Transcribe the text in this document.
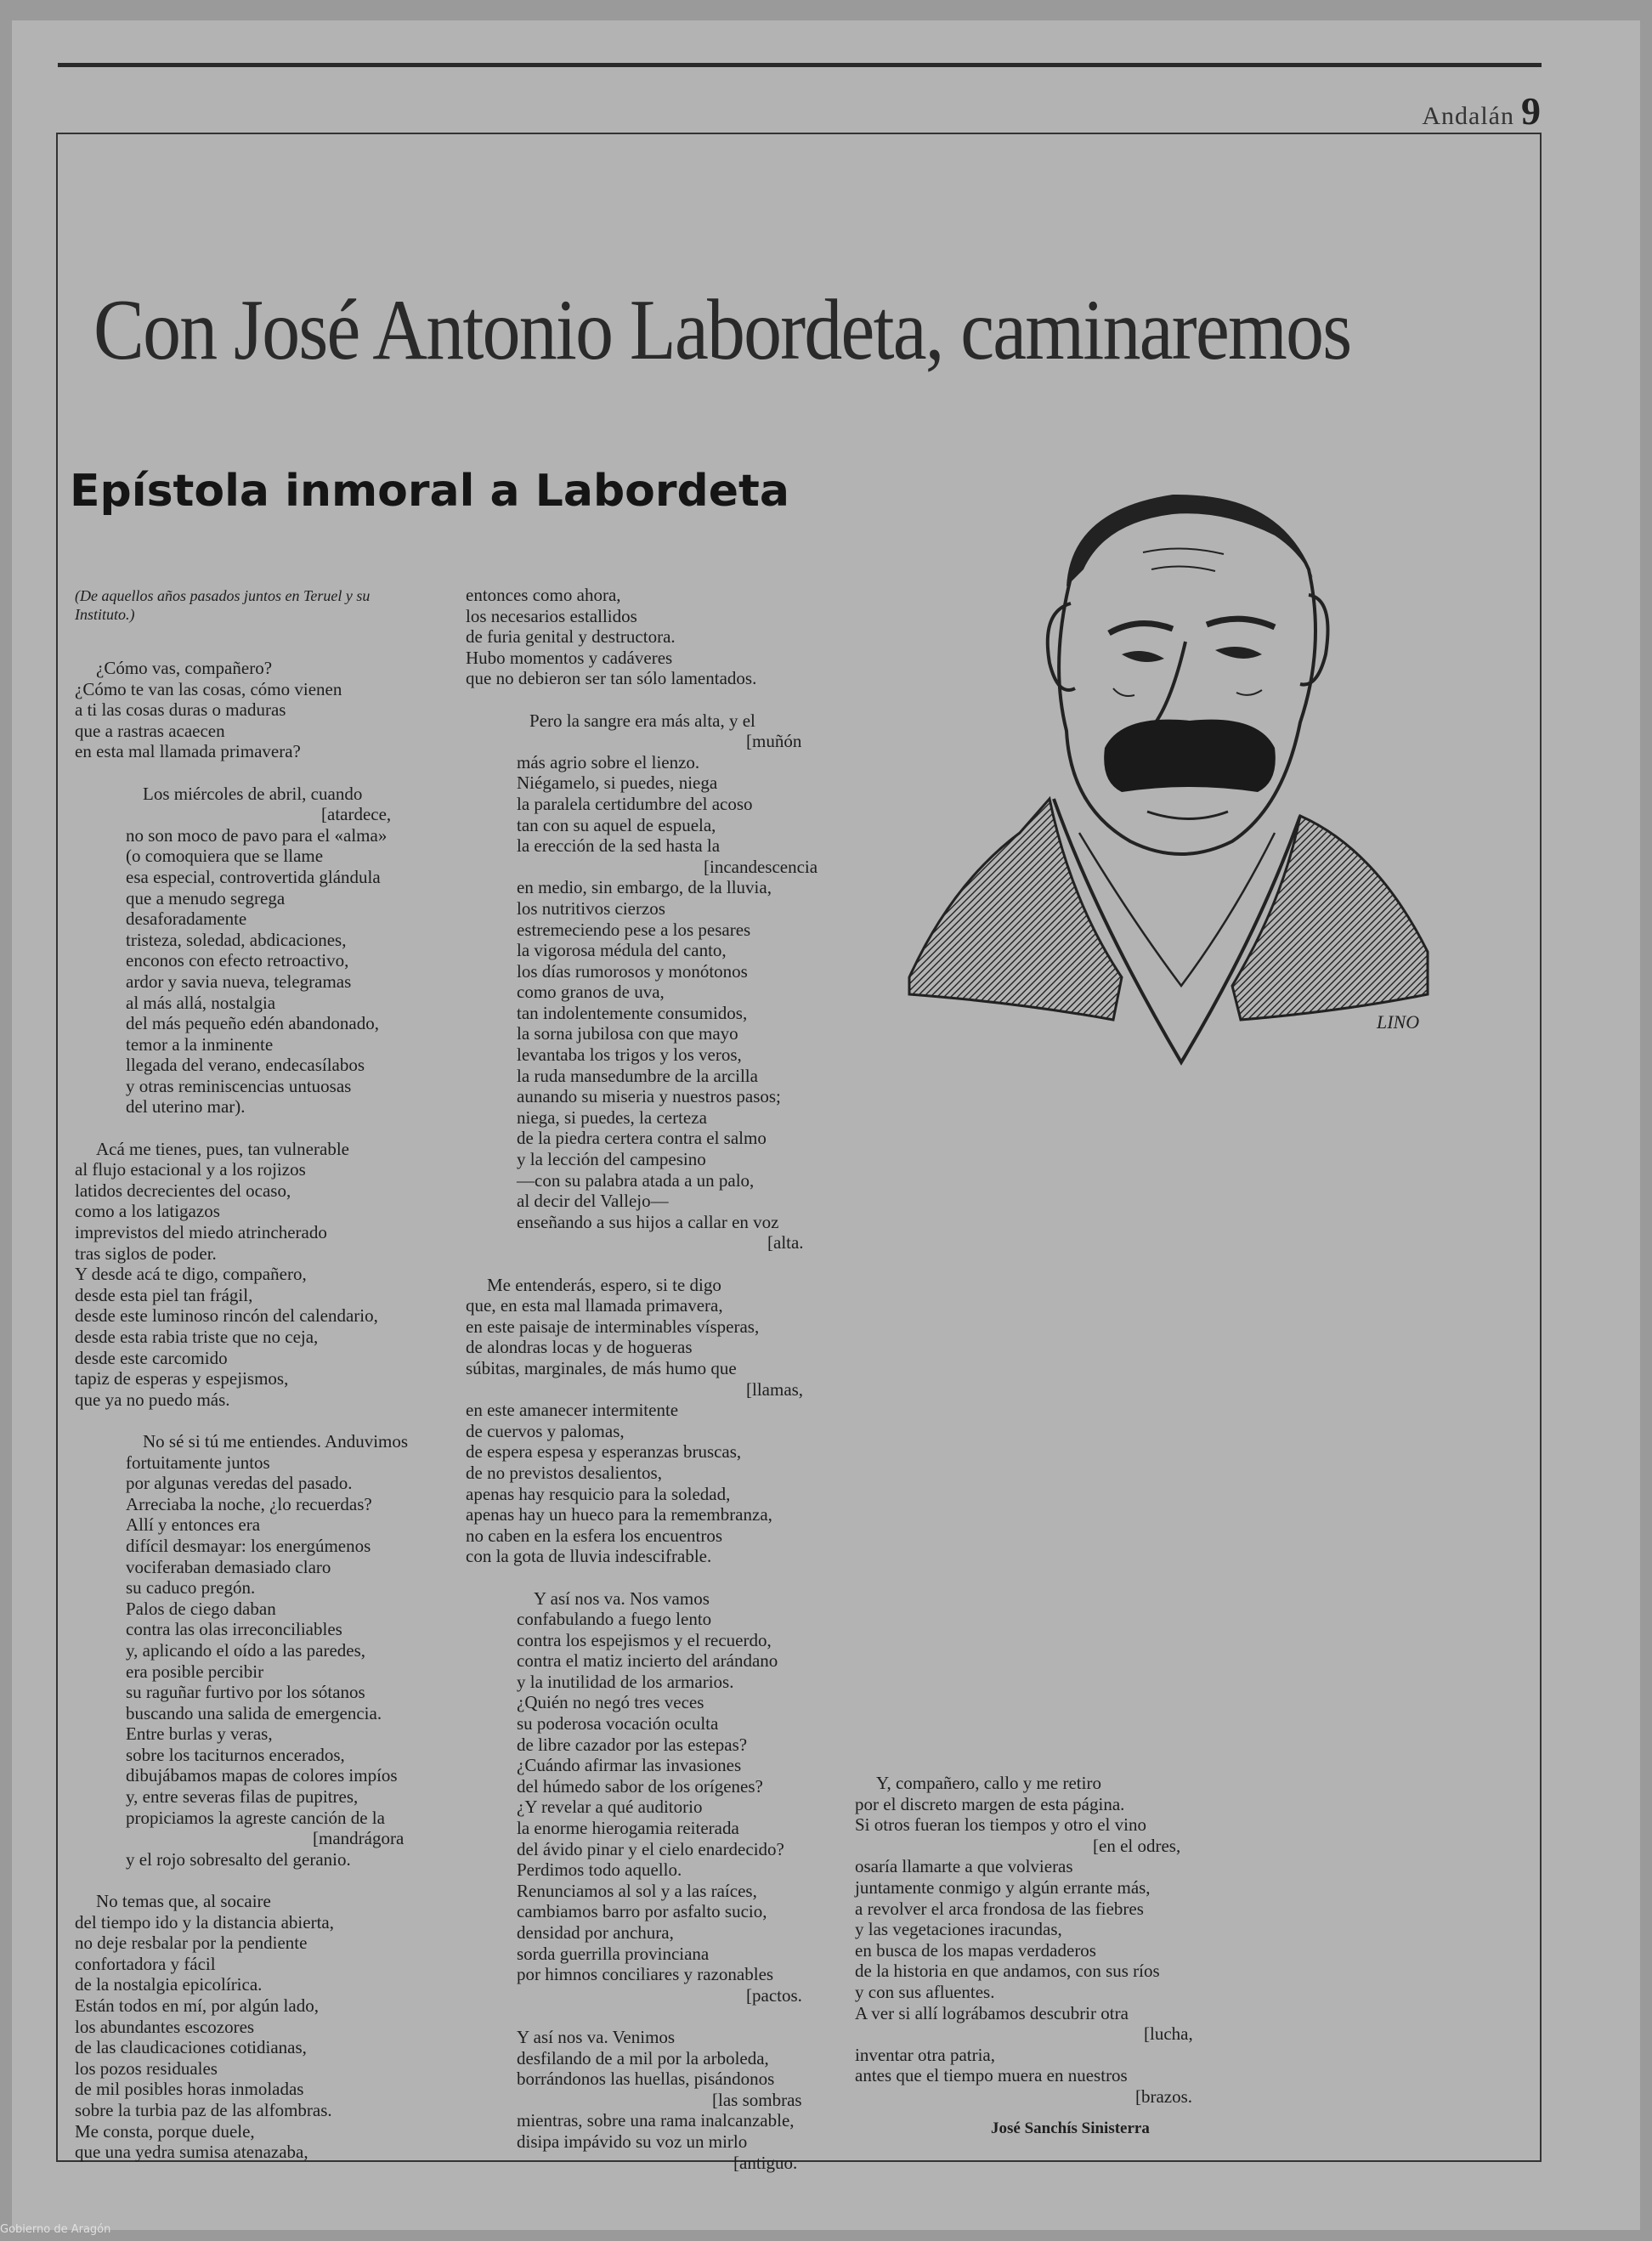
Andalán 9
Con José Antonio Labordeta, caminaremos
Epístola inmoral a Labordeta
(De aquellos años pasados juntos en Teruel y su Instituto.)
¿Cómo vas, compañero?
¿Cómo te van las cosas, cómo vienen
a ti las cosas duras o maduras
que a rastras acaecen
en esta mal llamada primavera?

Los miércoles de abril, cuando
[atardece,
no son moco de pavo para el «alma»
(o comoquiera que se llame
esa especial, controvertida glándula
que a menudo segrega
desaforadamente
tristeza, soledad, abdicaciones,
enconos con efecto retroactivo,
ardor y savia nueva, telegramas
al más allá, nostalgia
del más pequeño edén abandonado,
temor a la inminente
llegada del verano, endecasílabos
y otras reminiscencias untuosas
del uterino mar).

Acá me tienes, pues, tan vulnerable
al flujo estacional y a los rojizos
latidos decrecientes del ocaso,
como a los latigazos
imprevistos del miedo atrincherado
tras siglos de poder.
Y desde acá te digo, compañero,
desde esta piel tan frágil,
desde este luminoso rincón del calendario,
desde esta rabia triste que no ceja,
desde este carcomido
tapiz de esperas y espejismos,
que ya no puedo más.

No sé si tú me entiendes. Anduvimos
fortuitamente juntos
por algunas veredas del pasado.
Arreciaba la noche, ¿lo recuerdas?
Allí y entonces era
difícil desmayar: los energúmenos
vociferaban demasiado claro
su caduco pregón.
Palos de ciego daban
contra las olas irreconciliables
y, aplicando el oído a las paredes,
era posible percibir
su raguñar furtivo por los sótanos
buscando una salida de emergencia.
Entre burlas y veras,
sobre los taciturnos encerados,
dibujábamos mapas de colores impíos
y, entre severas filas de pupitres,
propiciamos la agreste canción de la
[mandrágora
y el rojo sobresalto del geranio.

No temas que, al socaire
del tiempo ido y la distancia abierta,
no deje resbalar por la pendiente
confortadora y fácil
de la nostalgia epicolírica.
Están todos en mí, por algún lado,
los abundantes escozores
de las claudicaciones cotidianas,
los pozos residuales
de mil posibles horas inmoladas
sobre la turbia paz de las alfombras.
Me consta, porque duele,
que una yedra sumisa atenazaba,
entonces como ahora,
los necesarios estallidos
de furia genital y destructora.
Hubo momentos y cadáveres
que no debieron ser tan sólo lamentados.

Pero la sangre era más alta, y el
[muñón
más agrio sobre el lienzo.
Niégamelo, si puedes, niega
la paralela certidumbre del acoso
tan con su aquel de espuela,
la erección de la sed hasta la
[incandescencia
en medio, sin embargo, de la lluvia,
los nutritivos cierzos
estremeciendo pese a los pesares
la vigorosa médula del canto,
los días rumorosos y monótonos
como granos de uva,
tan indolentemente consumidos,
la sorna jubilosa con que mayo
levantaba los trigos y los veros,
la ruda mansedumbre de la arcilla
aunando su miseria y nuestros pasos;
niega, si puedes, la certeza
de la piedra certera contra el salmo
y la lección del campesino
—con su palabra atada a un palo,
al decir del Vallejo—
enseñando a sus hijos a callar en voz
[alta.

Me entenderás, espero, si te digo
que, en esta mal llamada primavera,
en este paisaje de interminables vísperas,
de alondras locas y de hogueras
súbitas, marginales, de más humo que
[llamas,
en este amanecer intermitente
de cuervos y palomas,
de espera espesa y esperanzas bruscas,
de no previstos desalientos,
apenas hay resquicio para la soledad,
apenas hay un hueco para la remembranza,
no caben en la esfera los encuentros
con la gota de lluvia indescifrable.

Y así nos va. Nos vamos
confabulando a fuego lento
contra los espejismos y el recuerdo,
contra el matiz incierto del arándano
y la inutilidad de los armarios.
¿Quién no negó tres veces
su poderosa vocación oculta
de libre cazador por las estepas?
¿Cuándo afirmar las invasiones
del húmedo sabor de los orígenes?
¿Y revelar a qué auditorio
la enorme hierogamia reiterada
del ávido pinar y el cielo enardecido?
Perdimos todo aquello.
Renunciamos al sol y a las raíces,
cambiamos barro por asfalto sucio,
densidad por anchura,
sorda guerrilla provinciana
por himnos conciliares y razonables
[pactos.

Y así nos va. Venimos
desfilando de a mil por la arboleda,
borrándonos las huellas, pisándonos
[las sombras
mientras, sobre una rama inalcanzable,
disipa impávido su voz un mirlo
[antiguo.
Y, compañero, callo y me retiro
por el discreto margen de esta página.
Si otros fueran los tiempos y otro el vino
[en el odres,
osaría llamarte a que volvieras
juntamente conmigo y algún errante más,
a revolver el arca frondosa de las fiebres
y las vegetaciones iracundas,
en busca de los mapas verdaderos
de la historia en que andamos, con sus ríos
y con sus afluentes.
A ver si allí lográbamos descubrir otra
[lucha,
inventar otra patria,
antes que el tiempo muera en nuestros
[brazos.
José Sanchís Sinisterra
LINO
Gobierno de Aragón
